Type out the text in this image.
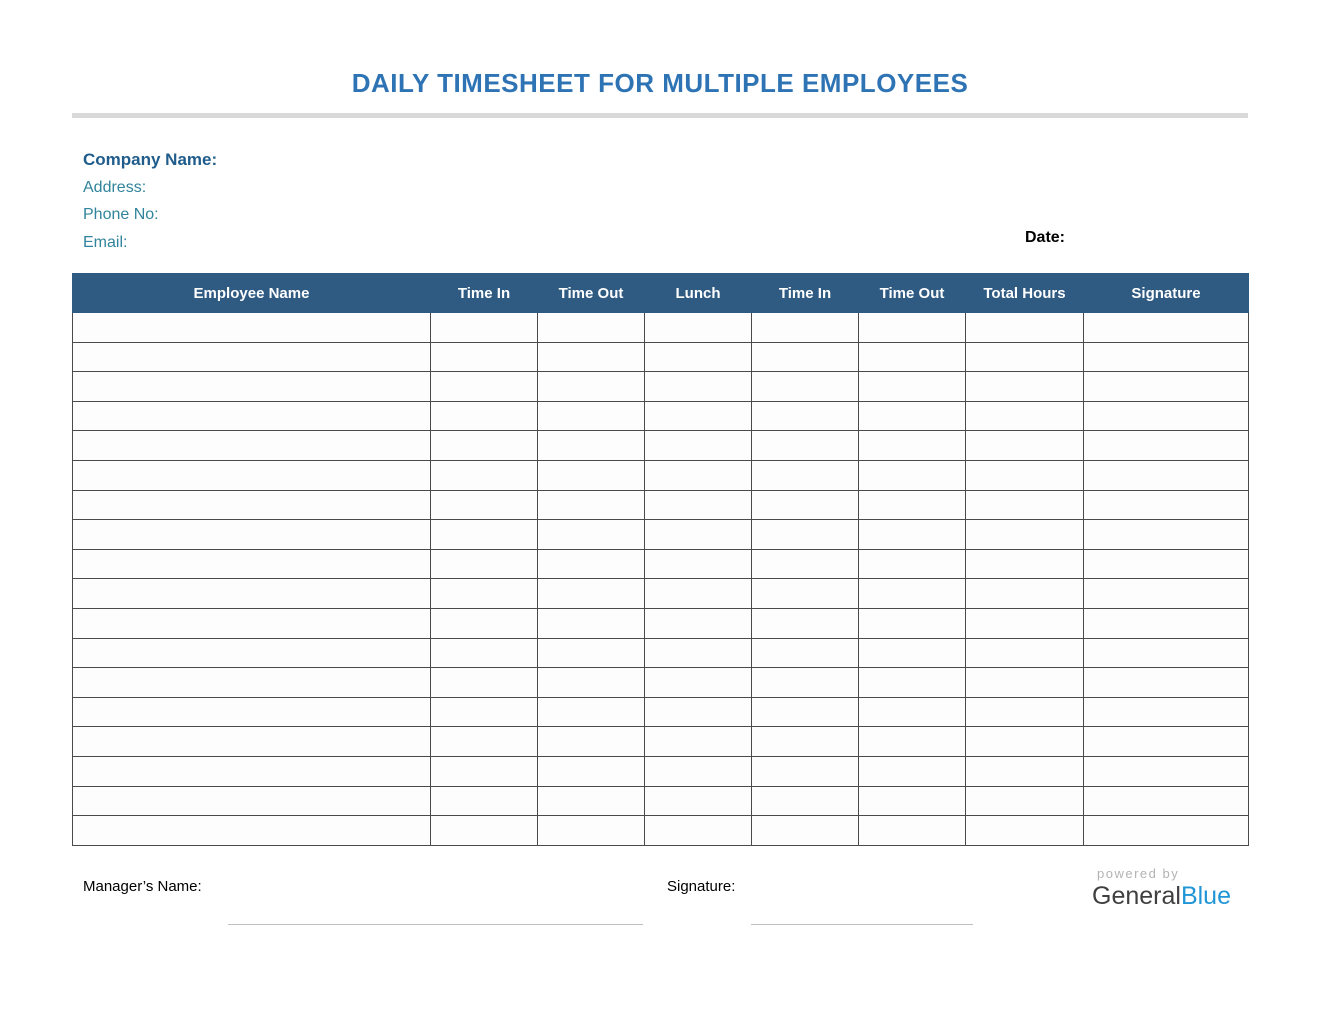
DAILY TIMESHEET FOR MULTIPLE EMPLOYEES
Company Name:
Address:
Phone No:
Email:	Date:
Employee Name	Time In	Time Out	Lunch	Time In	Time Out	Total Hours	Signature

Manager’s Name:	Signature:
powered by
GeneralBlue
